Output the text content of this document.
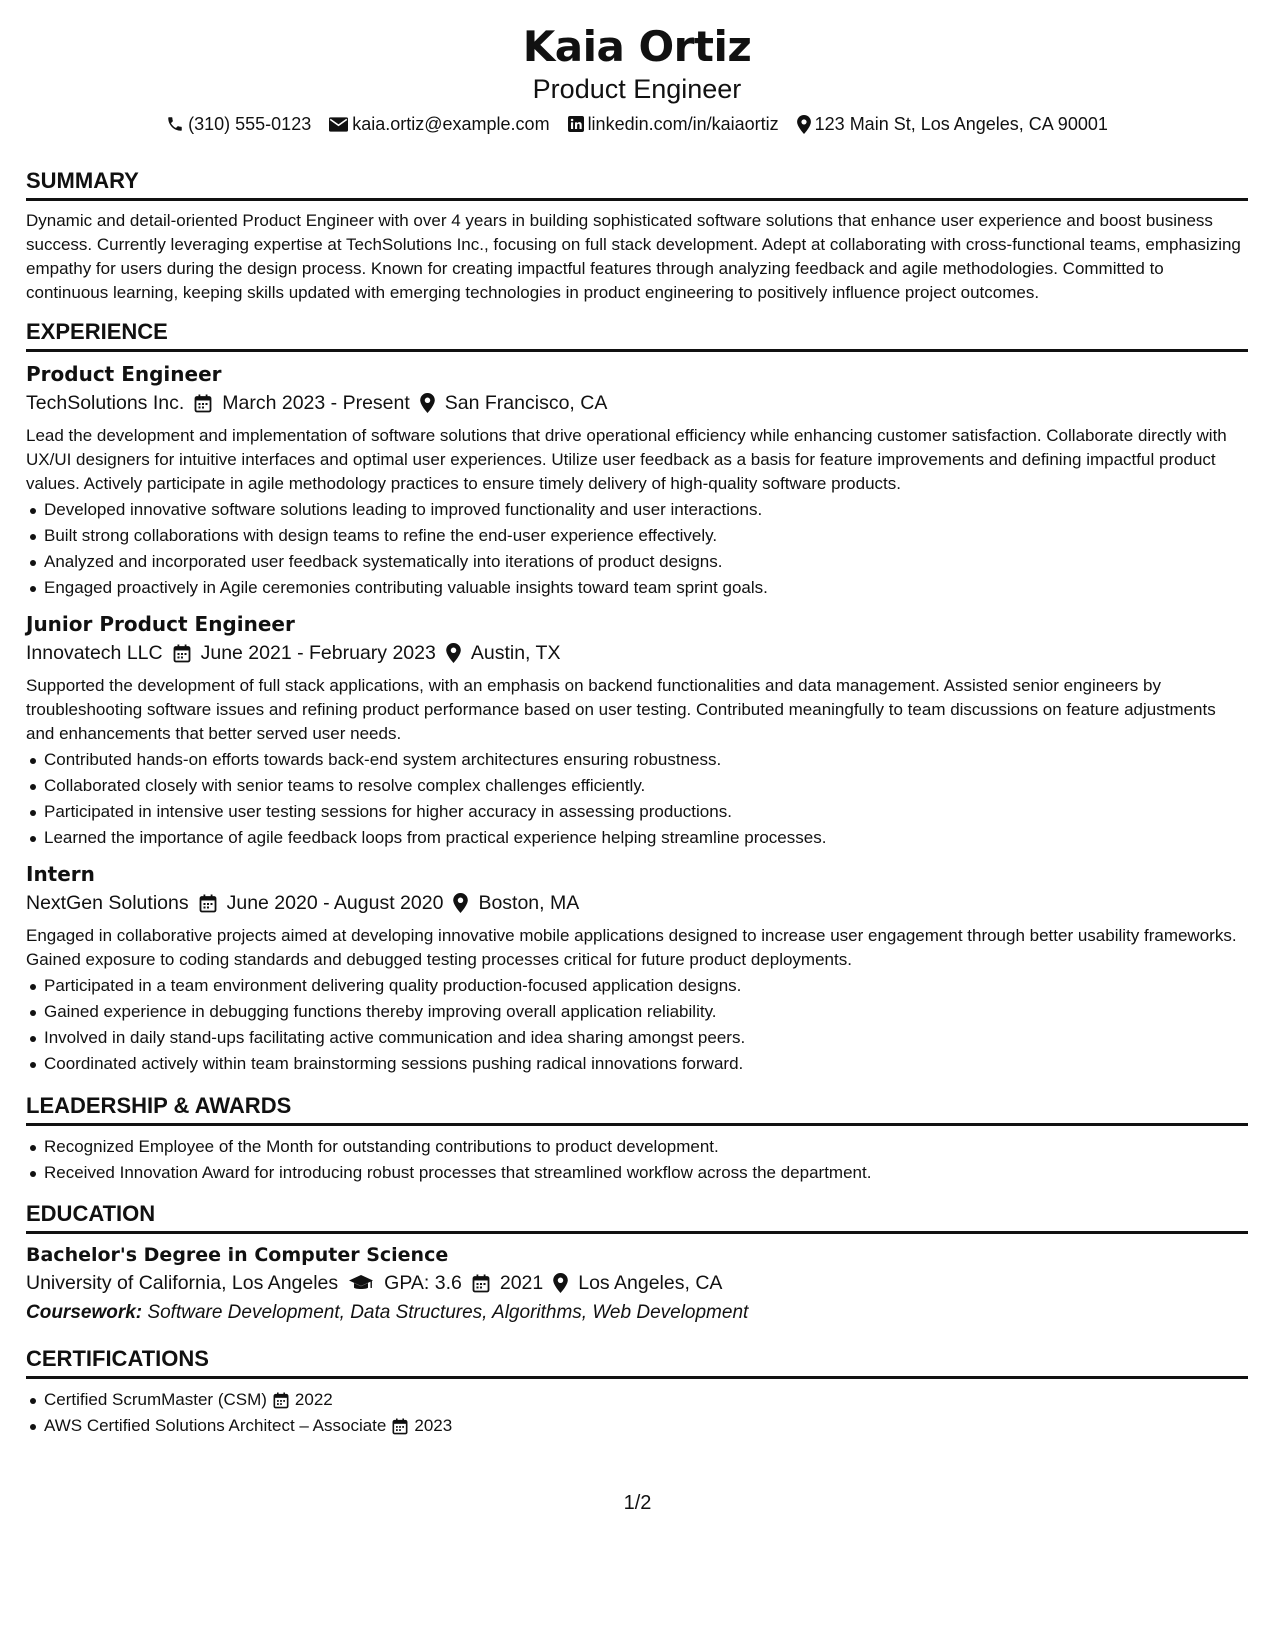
Kaia Ortiz
Product Engineer
(310) 555-0123 kaia.ortiz@example.com linkedin.com/in/kaiaortiz 123 Main St, Los Angeles, CA 90001
SUMMARY
Dynamic and detail-oriented Product Engineer with over 4 years in building sophisticated software solutions that enhance user experience and boost business success. Currently leveraging expertise at TechSolutions Inc., focusing on full stack development. Adept at collaborating with cross-functional teams, emphasizing empathy for users during the design process. Known for creating impactful features through analyzing feedback and agile methodologies. Committed to continuous learning, keeping skills updated with emerging technologies in product engineering to positively influence project outcomes.
EXPERIENCE
Product Engineer
TechSolutions Inc. March 2023 - Present San Francisco, CA
Lead the development and implementation of software solutions that drive operational efficiency while enhancing customer satisfaction. Collaborate directly with UX/UI designers for intuitive interfaces and optimal user experiences. Utilize user feedback as a basis for feature improvements and defining impactful product values. Actively participate in agile methodology practices to ensure timely delivery of high-quality software products.
Developed innovative software solutions leading to improved functionality and user interactions.
Built strong collaborations with design teams to refine the end-user experience effectively.
Analyzed and incorporated user feedback systematically into iterations of product designs.
Engaged proactively in Agile ceremonies contributing valuable insights toward team sprint goals.
Junior Product Engineer
Innovatech LLC June 2021 - February 2023 Austin, TX
Supported the development of full stack applications, with an emphasis on backend functionalities and data management. Assisted senior engineers by troubleshooting software issues and refining product performance based on user testing. Contributed meaningfully to team discussions on feature adjustments and enhancements that better served user needs.
Contributed hands-on efforts towards back-end system architectures ensuring robustness.
Collaborated closely with senior teams to resolve complex challenges efficiently.
Participated in intensive user testing sessions for higher accuracy in assessing productions.
Learned the importance of agile feedback loops from practical experience helping streamline processes.
Intern
NextGen Solutions June 2020 - August 2020 Boston, MA
Engaged in collaborative projects aimed at developing innovative mobile applications designed to increase user engagement through better usability frameworks. Gained exposure to coding standards and debugged testing processes critical for future product deployments.
Participated in a team environment delivering quality production-focused application designs.
Gained experience in debugging functions thereby improving overall application reliability.
Involved in daily stand-ups facilitating active communication and idea sharing amongst peers.
Coordinated actively within team brainstorming sessions pushing radical innovations forward.
LEADERSHIP & AWARDS
Recognized Employee of the Month for outstanding contributions to product development.
Received Innovation Award for introducing robust processes that streamlined workflow across the department.
EDUCATION
Bachelor's Degree in Computer Science
University of California, Los Angeles GPA: 3.6 2021 Los Angeles, CA
Coursework: Software Development, Data Structures, Algorithms, Web Development
CERTIFICATIONS
Certified ScrumMaster (CSM) 2022
AWS Certified Solutions Architect – Associate 2023
1/2
